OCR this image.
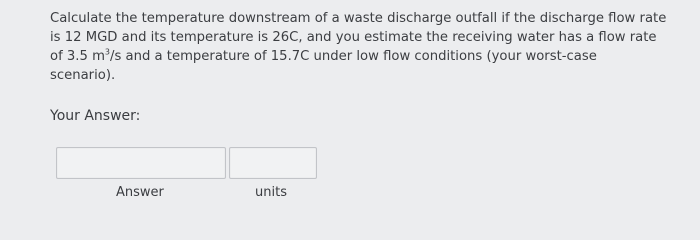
Calculate the temperature downstream of a waste discharge outfall if the discharge flow rate

is 12 MGD and its temperature is 26C, and you estimate the receiving water has a flow rate

of 3.5 $m^3/s$ and a temperature of 15.7C under low flow conditions (your worst-case

scenario).

Your Answer:
Answer	units
